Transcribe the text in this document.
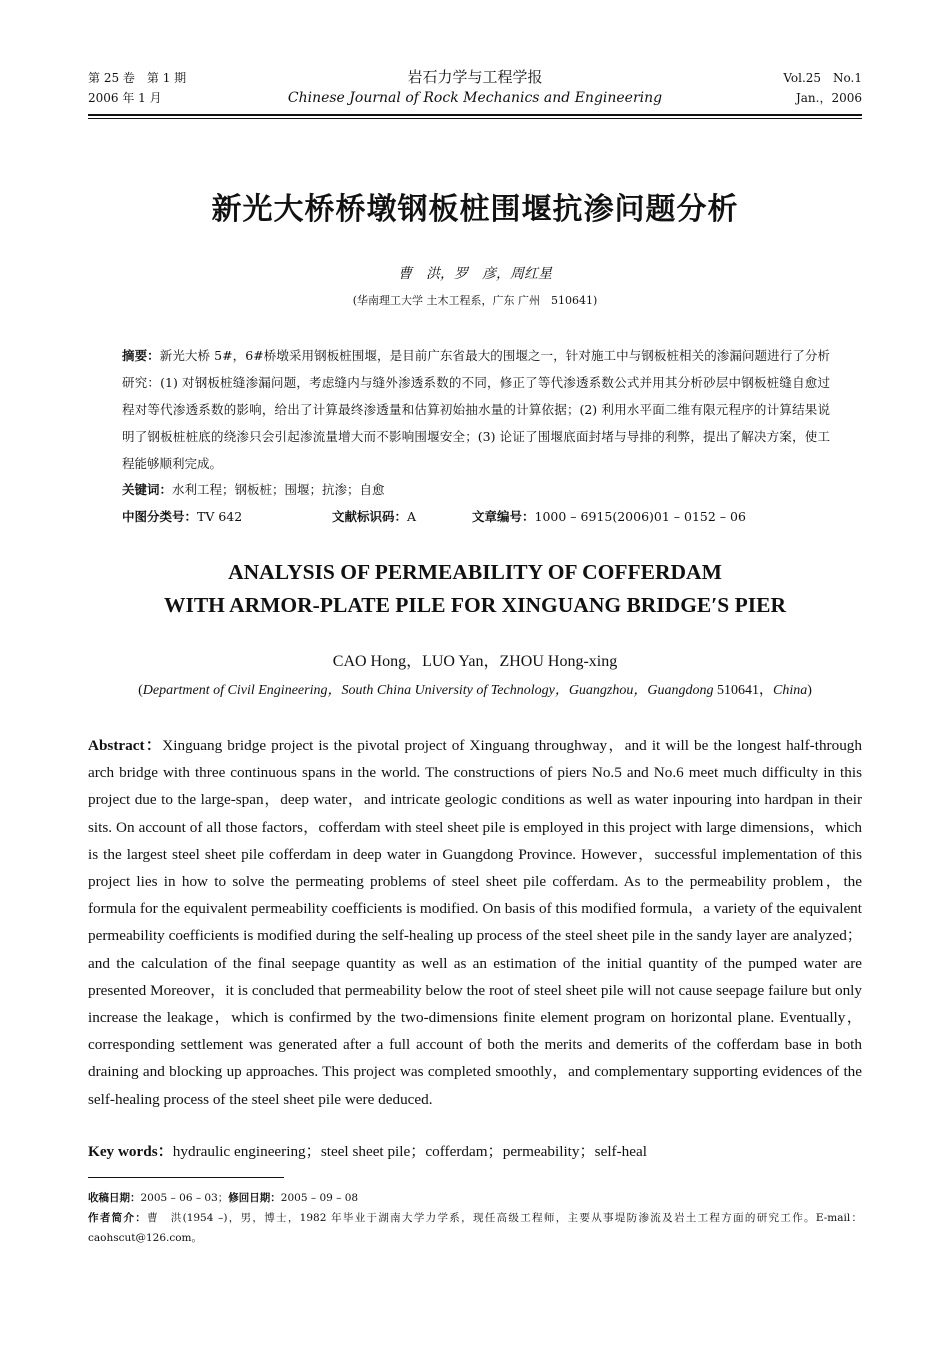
第 25 卷　第 1 期
2006 年 1 月
岩石力学与工程学报
Chinese Journal of Rock Mechanics and Engineering
Vol.25　No.1
Jan.，2006
新光大桥桥墩钢板桩围堰抗渗问题分析
曹　洪，罗　彦，周红星
(华南理工大学 土木工程系，广东 广州　510641)
摘要：新光大桥 5#，6#桥墩采用钢板桩围堰，是目前广东省最大的围堰之一，针对施工中与钢板桩相关的渗漏问题进行了分析研究：(1) 对钢板桩缝渗漏问题，考虑缝内与缝外渗透系数的不同，修正了等代渗透系数公式并用其分析砂层中钢板桩缝自愈过程对等代渗透系数的影响，给出了计算最终渗透量和估算初始抽水量的计算依据；(2) 利用水平面二维有限元程序的计算结果说明了钢板桩桩底的绕渗只会引起渗流量增大而不影响围堰安全；(3) 论证了围堰底面封堵与导排的利弊，提出了解决方案，使工程能够顺利完成。
关键词：水利工程；钢板桩；围堰；抗渗；自愈
中图分类号：TV 642	文献标识码：A	文章编号：1000 – 6915(2006)01 – 0152 – 06
ANALYSIS OF PERMEABILITY OF COFFERDAM
WITH ARMOR-PLATE PILE FOR XINGUANG BRIDGE′S PIER
CAO Hong，LUO Yan，ZHOU Hong-xing
(Department of Civil Engineering，South China University of Technology，Guangzhou，Guangdong 510641，China)
Abstract：Xinguang bridge project is the pivotal project of Xinguang throughway，and it will be the longest half-through arch bridge with three continuous spans in the world. The constructions of piers No.5 and No.6 meet much difficulty in this project due to the large-span，deep water，and intricate geologic conditions as well as water inpouring into hardpan in their sits. On account of all those factors，cofferdam with steel sheet pile is employed in this project with large dimensions，which is the largest steel sheet pile cofferdam in deep water in Guangdong Province. However，successful implementation of this project lies in how to solve the permeating problems of steel sheet pile cofferdam. As to the permeability problem，the formula for the equivalent permeability coefficients is modified. On basis of this modified formula，a variety of the equivalent permeability coefficients is modified during the self-healing up process of the steel sheet pile in the sandy layer are analyzed；and the calculation of the final seepage quantity as well as an estimation of the initial quantity of the pumped water are presented Moreover，it is concluded that permeability below the root of steel sheet pile will not cause seepage failure but only increase the leakage，which is confirmed by the two-dimensions finite element program on horizontal plane. Eventually，corresponding settlement was generated after a full account of both the merits and demerits of the cofferdam base in both draining and blocking up approaches. This project was completed smoothly，and complementary supporting evidences of the self-healing process of the steel sheet pile were deduced.
Key words：hydraulic engineering；steel sheet pile；cofferdam；permeability；self-heal
收稿日期：2005 – 06 – 03；修回日期：2005 – 09 – 08
作者简介：曹　洪(1954 –)，男，博士，1982 年毕业于湖南大学力学系，现任高级工程师，主要从事堤防渗流及岩土工程方面的研究工作。E-mail：caohscut@126.com。
